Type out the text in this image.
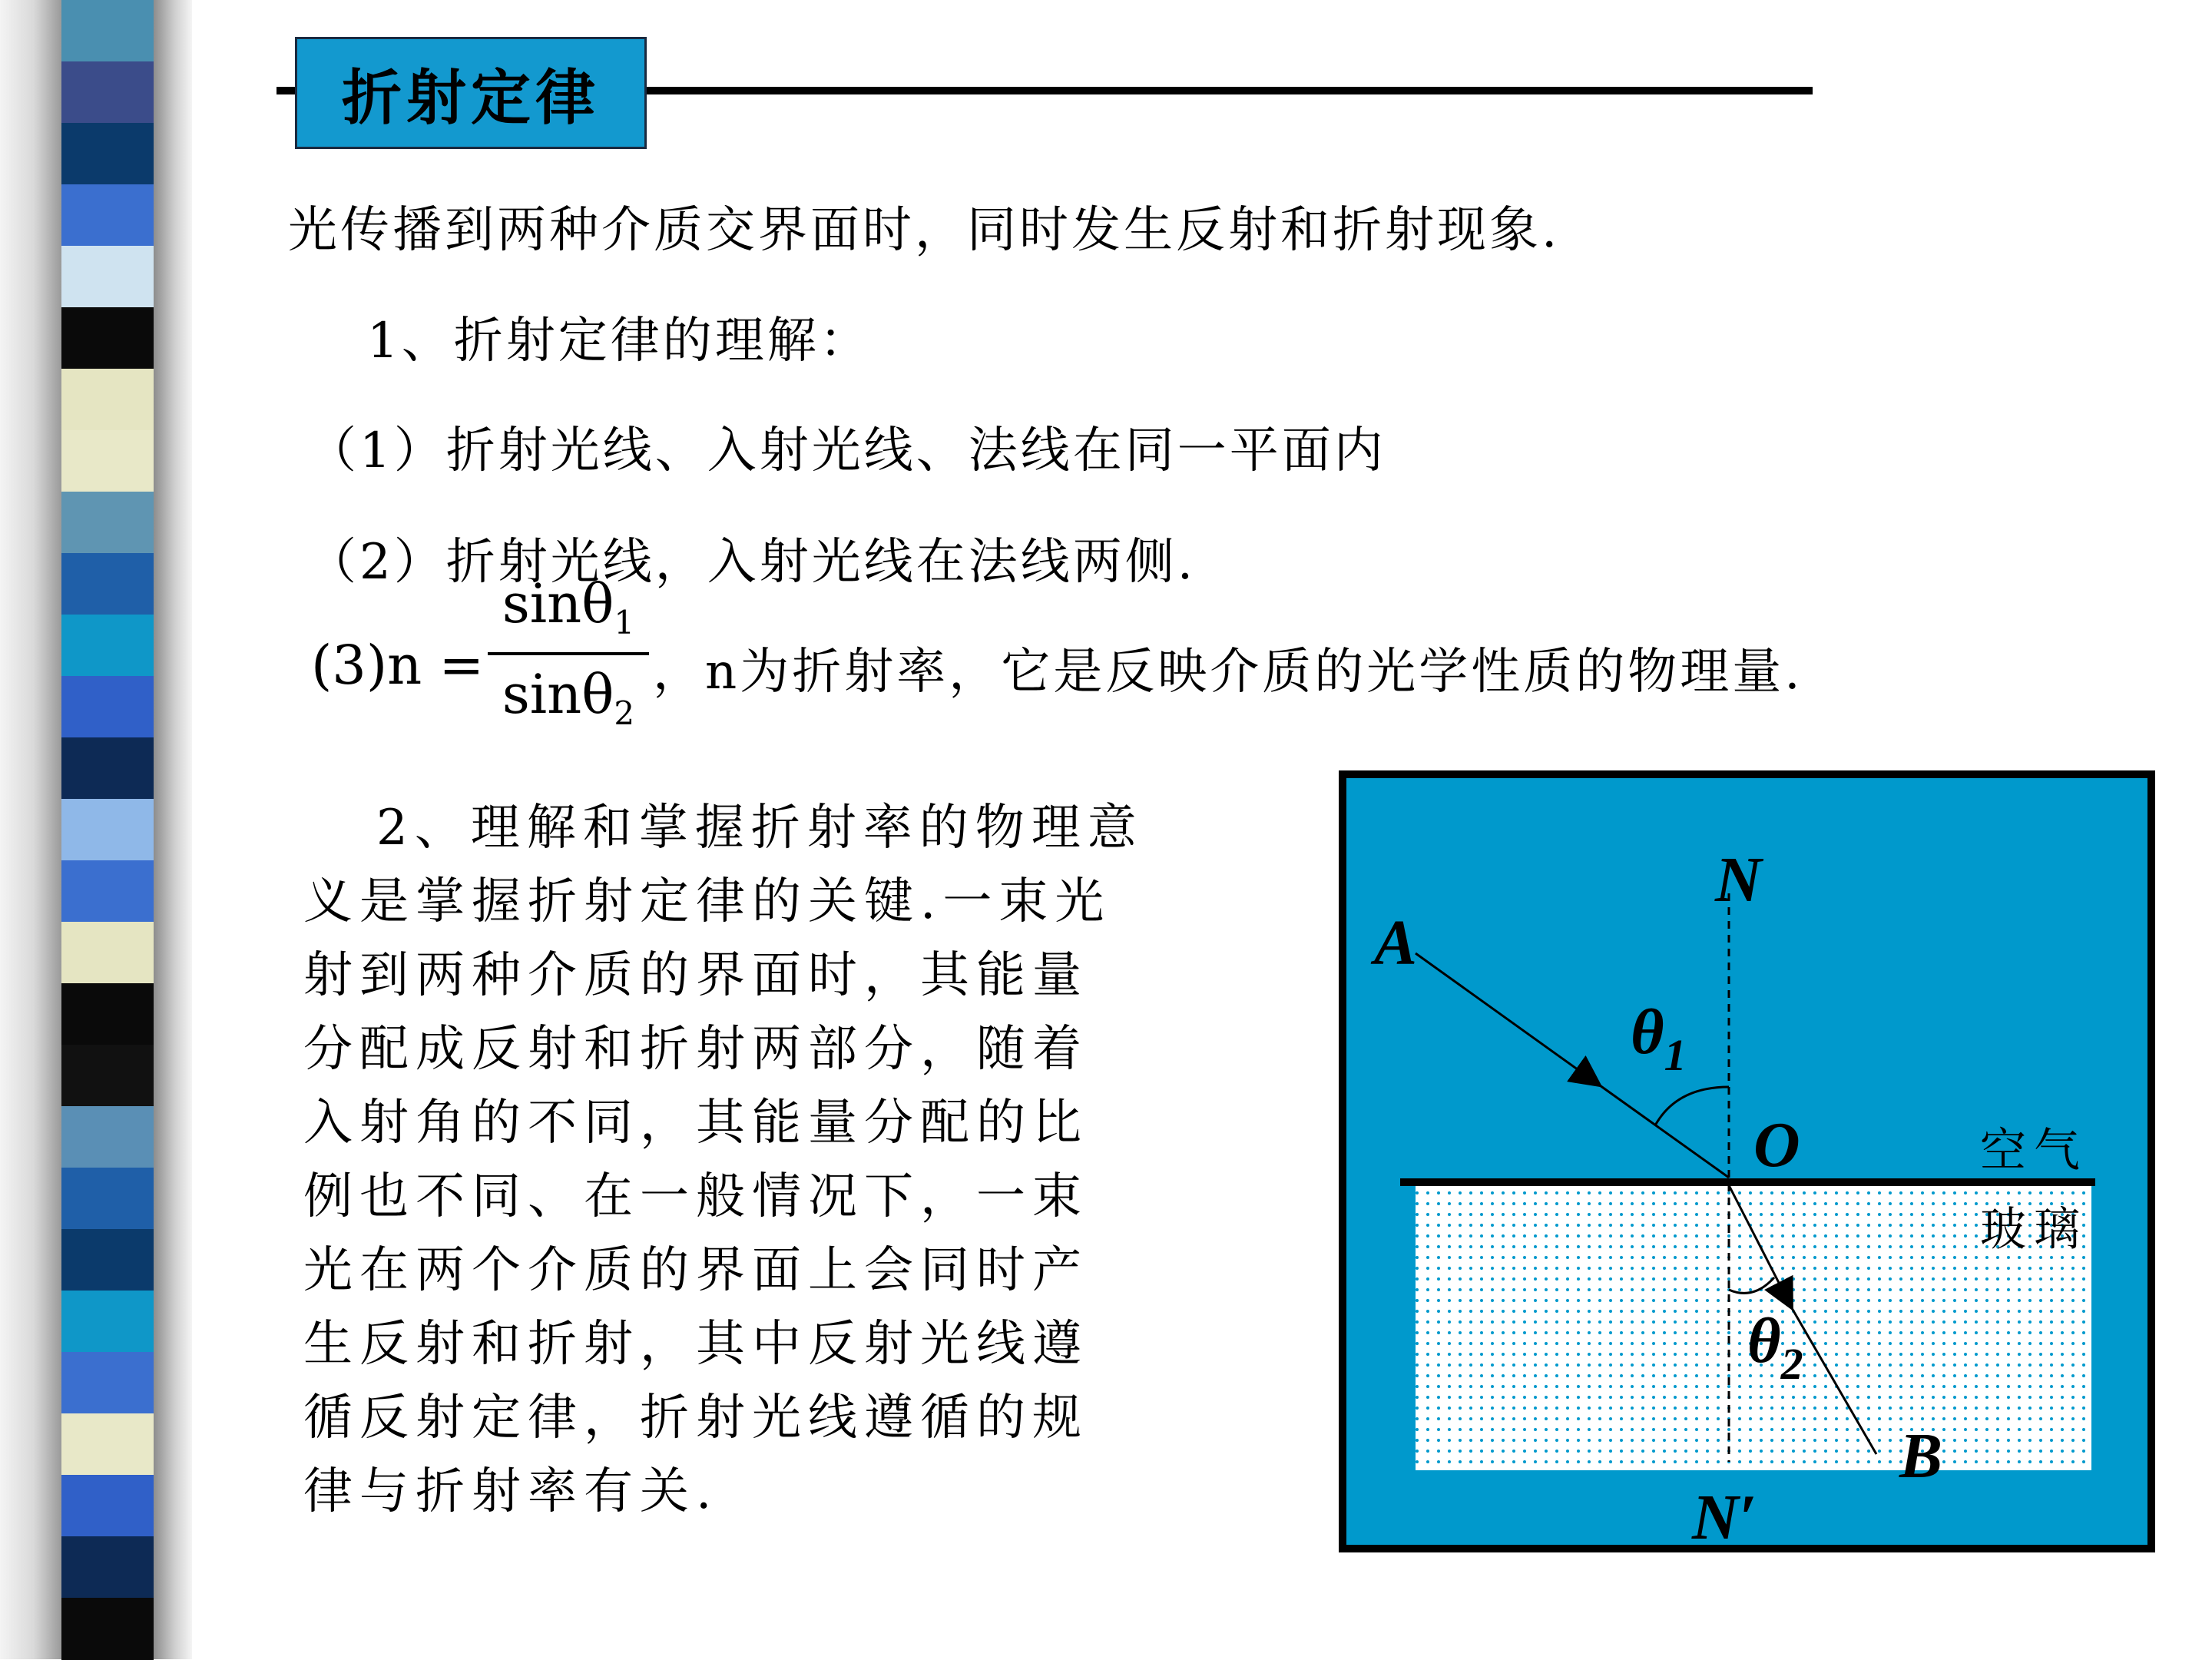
折射定律
光传播到两种介质交界面时，同时发生反射和折射现象.
1、折射定律的理解：
（1）折射光线、入射光线、法线在同一平面内
（2）折射光线，入射光线在法线两侧.
(3)n =
sinθ$_1$
sinθ$_2$
，n为折射率，它是反映介质的光学性质的物理量.
2、理解和掌握折射率的物理意
义是掌握折射定律的关键.一束光
射到两种介质的界面时，其能量
分配成反射和折射两部分，随着
入射角的不同，其能量分配的比
例也不同、在一般情况下，一束
光在两个介质的界面上会同时产
生反射和折射，其中反射光线遵
循反射定律，折射光线遵循的规
律与折射率有关.
N
A
$\theta_1$
O
$\theta_2$
B
N′
空气
玻璃
